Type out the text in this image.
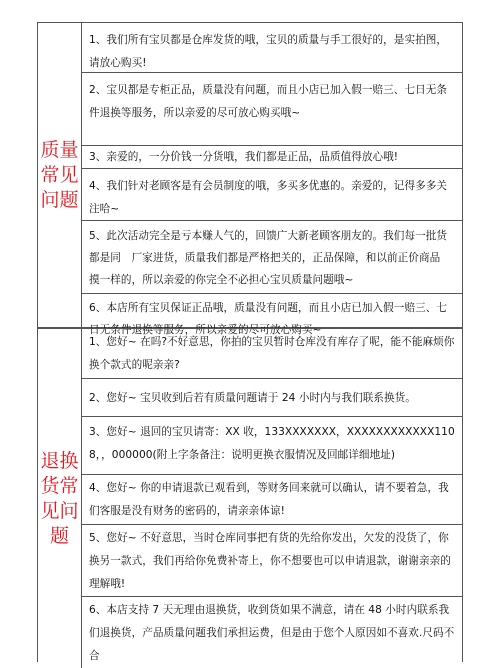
质量常见问题
1、我们所有宝贝都是仓库发货的哦，宝贝的质量与手工很好的，是实拍图，请放心购买!
2、宝贝都是专柜正品，质量没有问题，而且小店已加入假一赔三、七日无条件退换等服务，所以亲爱的尽可放心购买哦~
3、亲爱的，一分价钱一分货哦，我们都是正品，品质值得放心哦!
4、我们针对老顾客是有会员制度的哦，多买多优惠的。亲爱的，记得多多关注哈~
5、此次活动完全是亏本赚人气的，回馈广大新老顾客朋友的。我们每一批货都是同　厂家进货，质量我们都是严格把关的，正品保障，和以前正价商品　摸一样的，所以亲爱的你完全不必担心宝贝质量问题哦~
6、本店所有宝贝保证正品哦，质量没有问题，而且小店已加入假一赔三、七日无条件退换等服务，所以亲爱的尽可放心购买~
退换货常见问题
1、您好~ 在吗?不好意思，你拍的宝贝暂时仓库没有库存了呢，能不能麻烦你换个款式的呢亲亲?
2、您好~ 宝贝收到后若有质量问题请于 24 小时内与我们联系换货。
3、您好~ 退回的宝贝请寄：XX 收，133XXXXXXX，XXXXXXXXXXXX1108，，000000(附上字条备注：说明更换衣服情况及回邮详细地址)
4、您好~ 你的申请退款已观看到，等财务回来就可以确认，请不要着急，我们客服是没有财务的密码的，请亲亲体谅!
5、您好~ 不好意思，当时仓库同事把有货的先给你发出，欠发的没货了，你换另一款式，我们再给你免费补寄上，你不想要也可以申请退款，谢谢亲亲的理解哦!
6、本店支持 7 天无理由退换货，收到货如果不满意，请在 48 小时内联系我们退换货，产品质量问题我们承担运费，但是由于您个人原因如不喜欢.尺码不合
